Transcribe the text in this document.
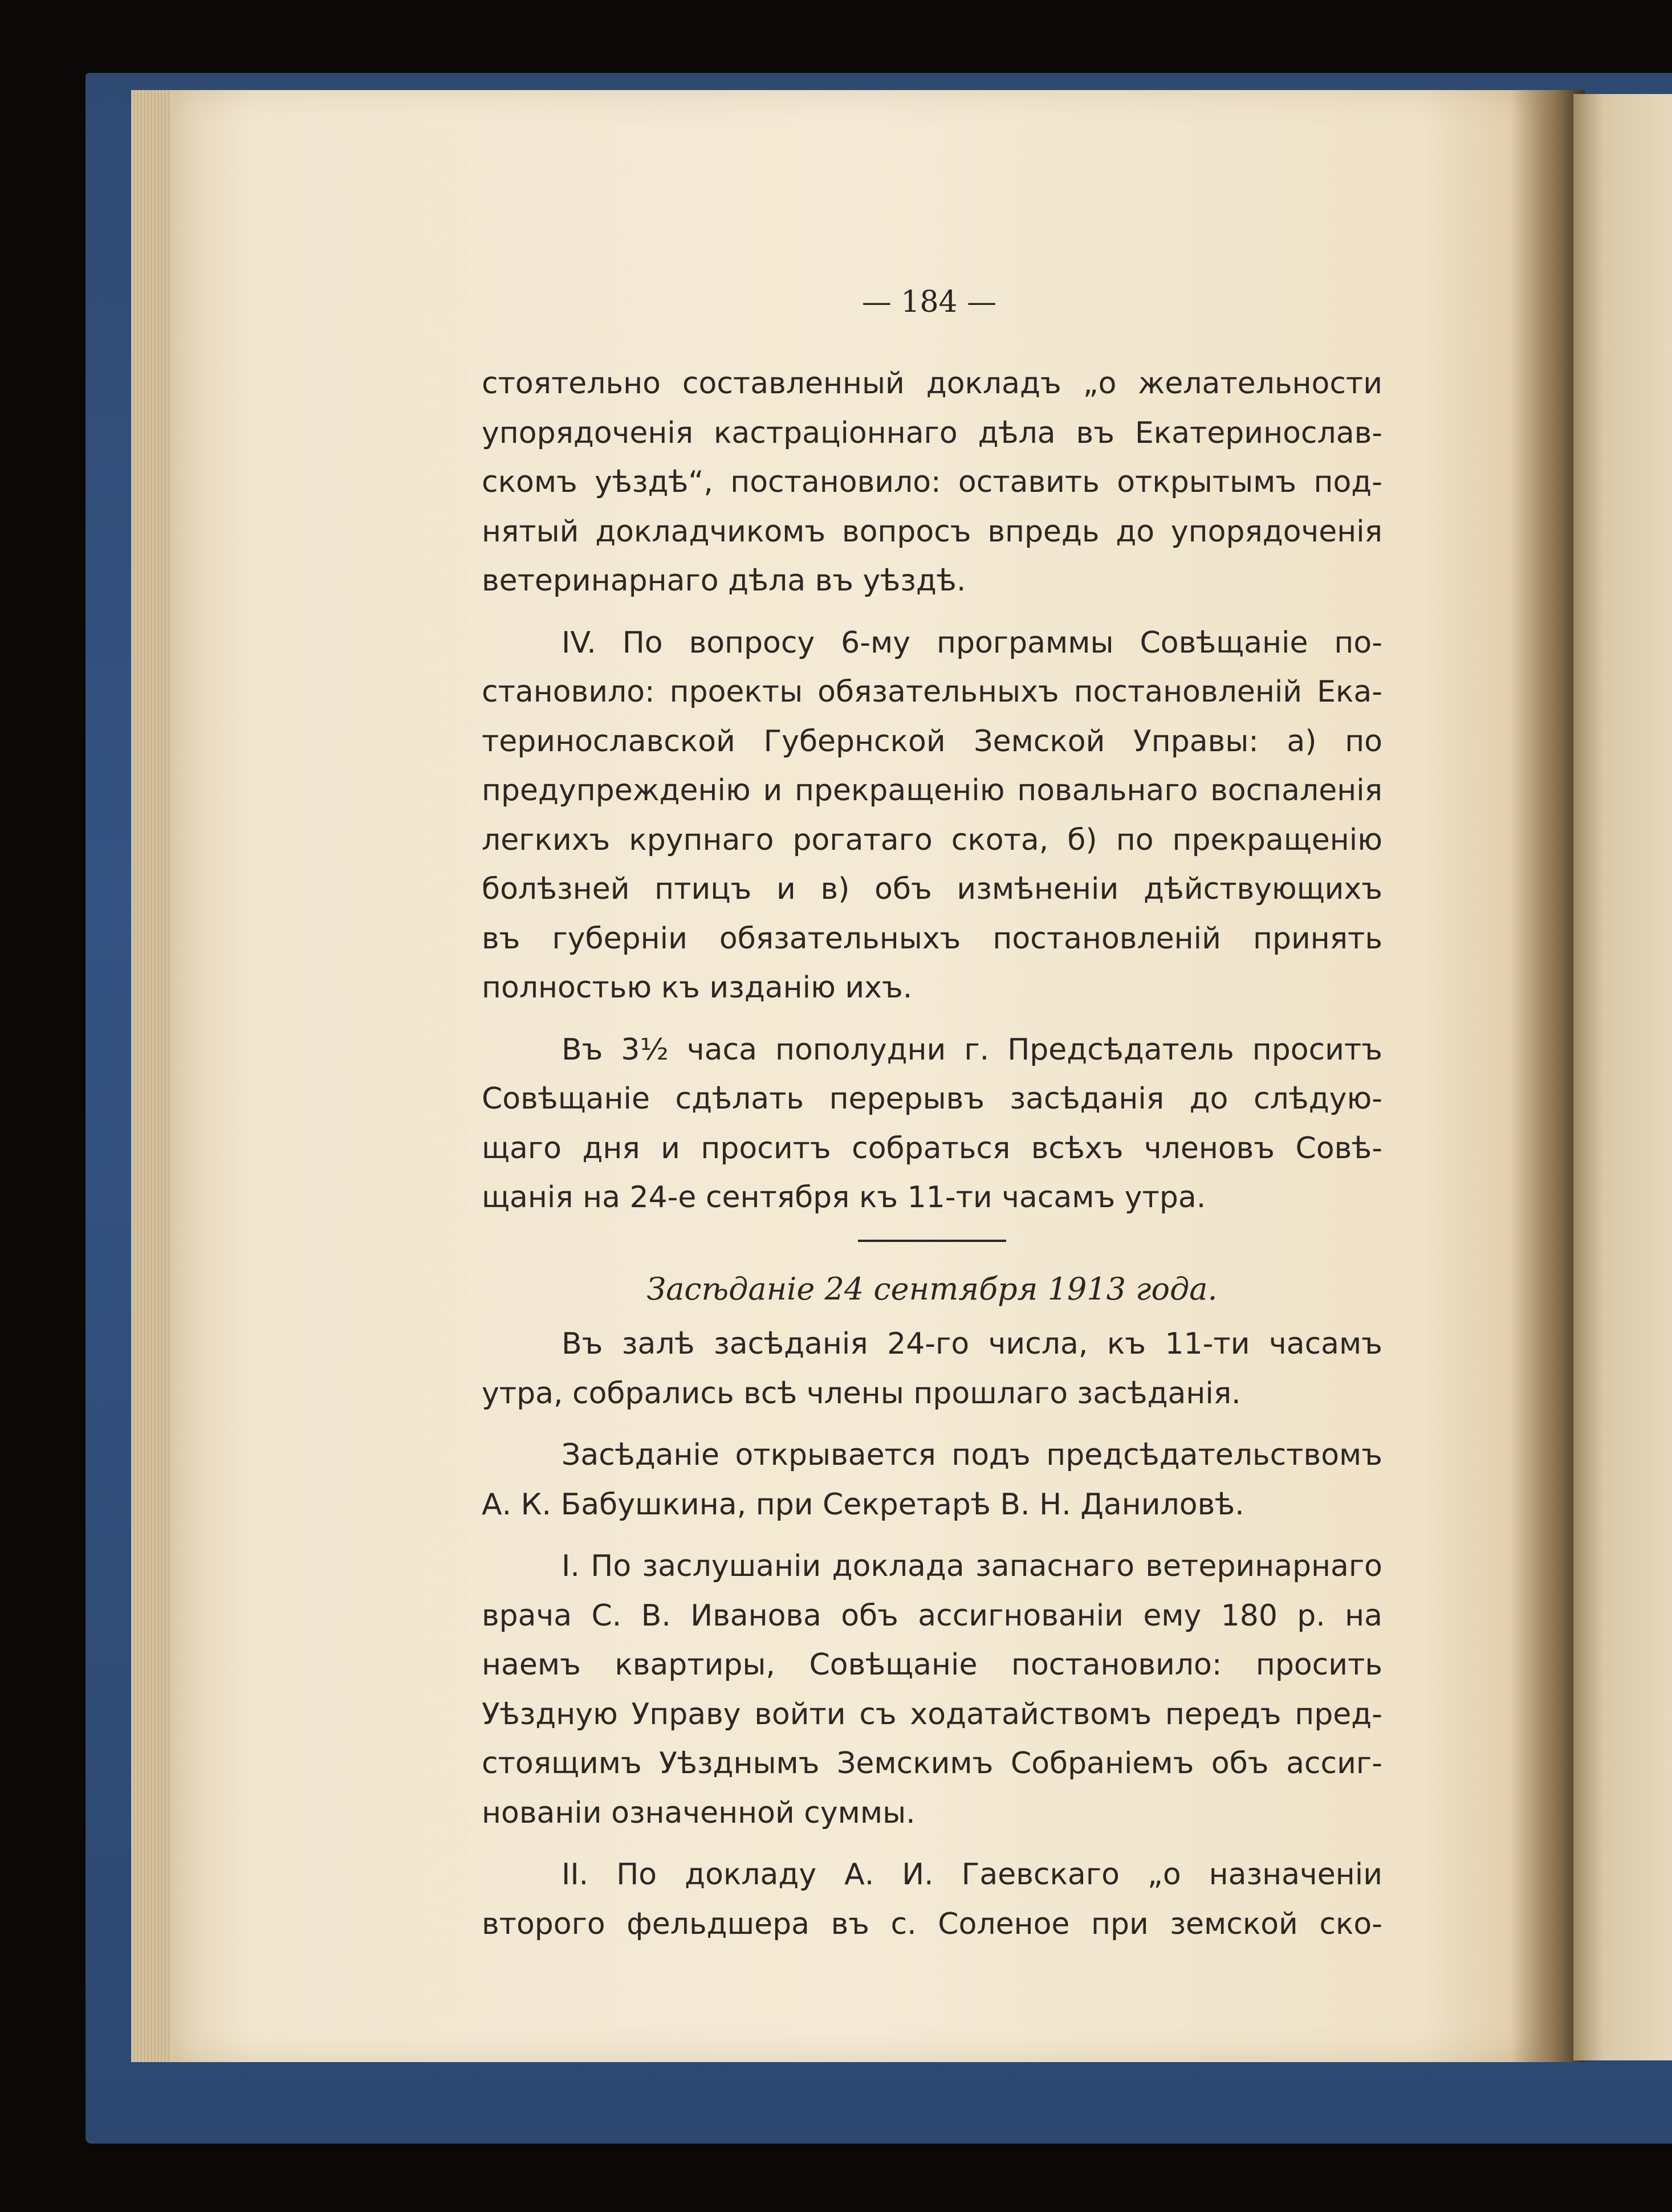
— 184 —
стоятельно составленный докладъ „о желательности
упорядоченія кастраціоннаго дѣла въ Екатеринослав-
скомъ уѣздѣ“, постановило: оставить открытымъ под-
нятый докладчикомъ вопросъ впредь до упорядоченія
ветеринарнаго дѣла въ уѣздѣ.
IV. По вопросу 6-му программы Совѣщаніе по-
становило: проекты обязательныхъ постановленій Ека-
теринославской Губернской Земской Управы: а) по
предупрежденію и прекращенію повальнаго воспаленія
легкихъ крупнаго рогатаго скота, б) по прекращенію
болѣзней птицъ и в) объ измѣненіи дѣйствующихъ
въ губерніи обязательныхъ постановленій принять
полностью къ изданію ихъ.
Въ 3½ часа пополудни г. Предсѣдатель проситъ
Совѣщаніе сдѣлать перерывъ засѣданія до слѣдую-
щаго дня и проситъ собраться всѣхъ членовъ Совѣ-
щанія на 24-е сентября къ 11-ти часамъ утра.
Засѣданіе 24 сентября 1913 года.
Въ залѣ засѣданія 24-го числа, къ 11-ти часамъ
утра, собрались всѣ члены прошлаго засѣданія.
Засѣданіе открывается подъ предсѣдательствомъ
А. К. Бабушкина, при Секретарѣ В. Н. Даниловѣ.
I. По заслушаніи доклада запаснаго ветеринарнаго
врача С. В. Иванова объ ассигнованіи ему 180 р. на
наемъ квартиры, Совѣщаніе постановило: просить
Уѣздную Управу войти съ ходатайствомъ передъ пред-
стоящимъ Уѣзднымъ Земскимъ Собраніемъ объ ассиг-
нованіи означенной суммы.
II. По докладу А. И. Гаевскаго „о назначеніи
второго фельдшера въ с. Соленое при земской ско-
